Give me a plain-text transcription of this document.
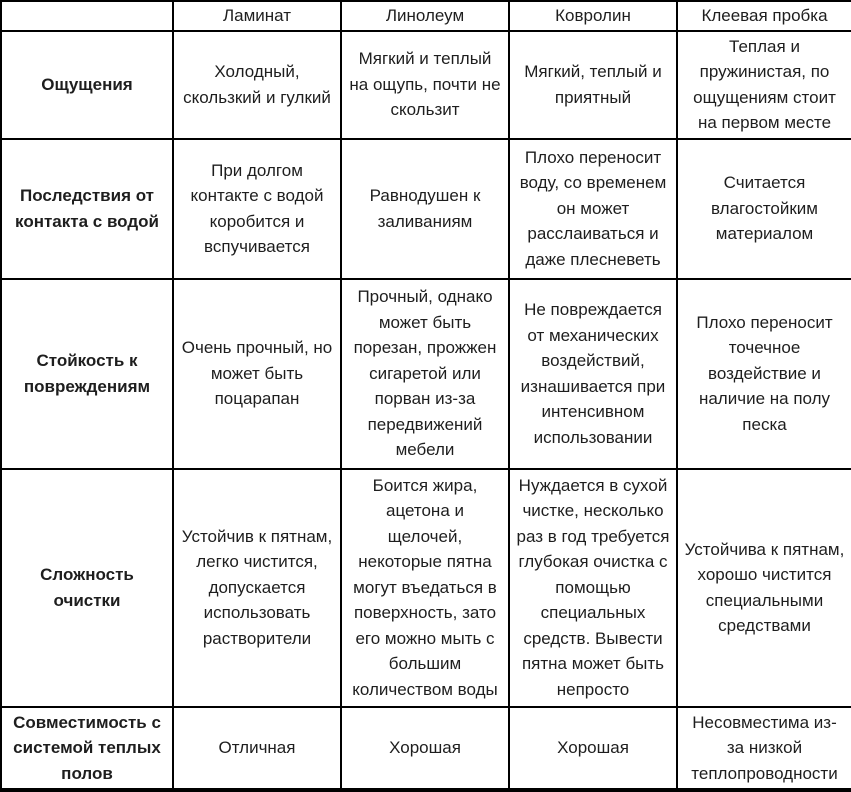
	Ламинат	Линолеум	Ковролин	Клеевая пробка
Ощущения	Холодный, скользкий и гулкий	Мягкий и теплый на ощупь, почти не скользит	Мягкий, теплый и приятный	Теплая и пружинистая, по ощущениям стоит на первом месте
Последствия от контакта с водой	При долгом контакте с водой коробится и вспучивается	Равнодушен к заливаниям	Плохо переносит воду, со временем он может расслаиваться и даже плесневеть	Считается влагостойким материалом
Стойкость к повреждениям	Очень прочный, но может быть поцарапан	Прочный, однако может быть порезан, прожжен сигаретой или порван из-за передвижений мебели	Не повреждается от механических воздействий, изнашивается при интенсивном использовании	Плохо переносит точечное воздействие и наличие на полу песка
Сложность очистки	Устойчив к пятнам, легко чистится, допускается использовать растворители	Боится жира, ацетона и щелочей, некоторые пятна могут въедаться в поверхность, зато его можно мыть с большим количеством воды	Нуждается в сухой чистке, несколько раз в год требуется глубокая очистка с помощью специальных средств. Вывести пятна может быть непросто	Устойчива к пятнам, хорошо чистится специальными средствами
Совместимость с системой теплых полов	Отличная	Хорошая	Хорошая	Несовместима из-за низкой теплопроводности
